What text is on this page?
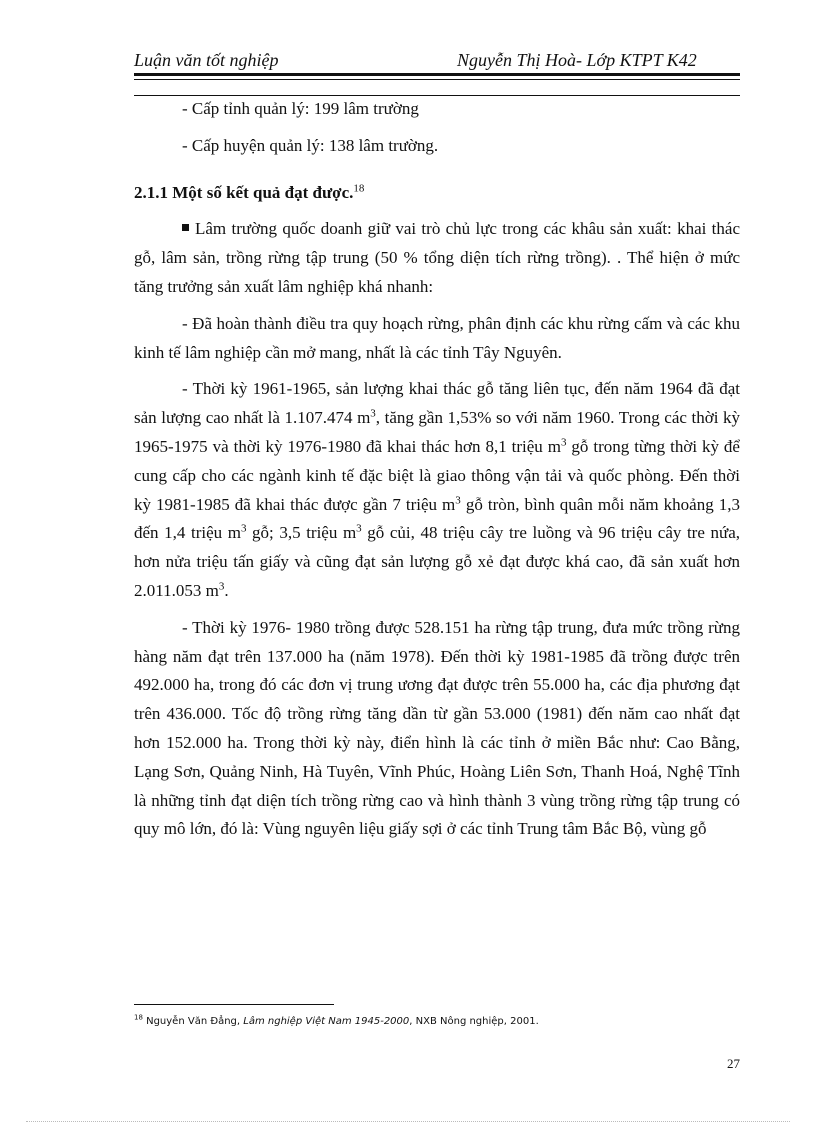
Luận văn tốt nghiệp	Nguyễn Thị Hoà- Lớp KTPT K42

- Cấp tỉnh quản lý: 199 lâm trường

- Cấp huyện quản lý: 138 lâm trường.

2.1.1 Một số kết quả đạt được.$^{18}$

Lâm trường quốc doanh giữ vai trò chủ lực trong các khâu sản xuất: khai thác gỗ, lâm sản, trồng rừng tập trung (50 % tổng diện tích rừng trồng). . Thể hiện ở mức tăng trưởng sản xuất lâm nghiệp khá nhanh:

- Đã hoàn thành điều tra quy hoạch rừng, phân định các khu rừng cấm và các khu kinh tế lâm nghiệp cần mở mang, nhất là các tỉnh Tây Nguyên.

- Thời kỳ 1961-1965, sản lượng khai thác gỗ tăng liên tục, đến năm 1964 đã đạt sản lượng cao nhất là 1.107.474 $m^3$, tăng gần 1,53% so với năm 1960. Trong các thời kỳ 1965-1975 và thời kỳ 1976-1980 đã khai thác hơn 8,1 triệu $m^3$ gỗ trong từng thời kỳ để cung cấp cho các ngành kinh tế đặc biệt là giao thông vận tải và quốc phòng. Đến thời kỳ 1981-1985 đã khai thác được gần 7 triệu $m^3$ gỗ tròn, bình quân mỗi năm khoảng 1,3 đến 1,4 triệu $m^3$ gỗ; 3,5 triệu $m^3$ gỗ củi, 48 triệu cây tre luồng và 96 triệu cây tre nứa, hơn nửa triệu tấn giấy và cũng đạt sản lượng gỗ xẻ đạt được khá cao, đã sản xuất hơn 2.011.053 $m^3$.

- Thời kỳ 1976- 1980 trồng được 528.151 ha rừng tập trung, đưa mức trồng rừng hàng năm đạt trên 137.000 ha (năm 1978). Đến thời kỳ 1981-1985 đã trồng được trên 492.000 ha, trong đó các đơn vị trung ương đạt được trên 55.000 ha, các địa phương đạt trên 436.000. Tốc độ trồng rừng tăng dần từ gần 53.000 (1981) đến năm cao nhất đạt hơn 152.000 ha. Trong thời kỳ này, điển hình là các tỉnh ở miền Bắc như: Cao Bằng, Lạng Sơn, Quảng Ninh, Hà Tuyên, Vĩnh Phúc, Hoàng Liên Sơn, Thanh Hoá, Nghệ Tĩnh là những tỉnh đạt diện tích trồng rừng cao và hình thành 3 vùng trồng rừng tập trung có quy mô lớn, đó là: Vùng nguyên liệu giấy sợi ở các tỉnh Trung tâm Bắc Bộ, vùng gỗ

$^{18}$ Nguyễn Văn Đẳng, Lâm nghiệp Việt Nam 1945-2000, NXB Nông nghiệp, 2001.
27
